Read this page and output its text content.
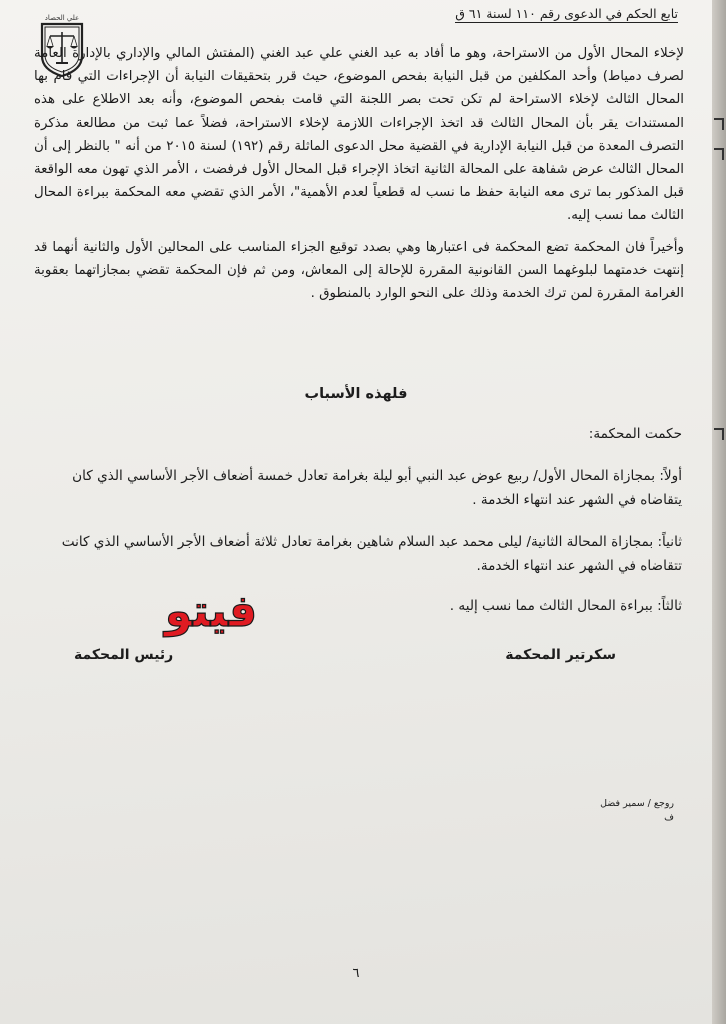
تابع الحكم في الدعوى رقم ١١٠ لسنة ٦١ ق
علي الحصاد

لإخلاء المحال الأول من الاستراحة، وهو ما أفاد به عبد الغني علي عبد الغني (المفتش المالي والإداري بالإدارة العامة لصرف دمياط) وأحد المكلفين من قبل النيابة بفحص الموضوع، حيث قرر بتحقيقات النيابة أن الإجراءات التي قام بها المحال الثالث لإخلاء الاستراحة لم تكن تحت بصر اللجنة التي قامت بفحص الموضوع، وأنه بعد الاطلاع على هذه المستندات يقر بأن المحال الثالث قد اتخذ الإجراءات اللازمة لإخلاء الاستراحة، فضلاً عما ثبت من مطالعة مذكرة التصرف المعدة من قبل النيابة الإدارية في القضية محل الدعوى الماثلة رقم (١٩٢) لسنة ٢٠١٥ من أنه " بالنظر إلى أن المحال الثالث عرض شفاهة على المحالة الثانية اتخاذ الإجراء قبل المحال الأول فرفضت ، الأمر الذي تهون معه الواقعة قبل المذكور بما ترى معه النيابة حفظ ما نسب له قطعياً لعدم الأهمية"، الأمر الذي تقضي معه المحكمة ببراءة المحال الثالث مما نسب إليه.

وأخيراً فان المحكمة تضع المحكمة فى اعتبارها وهي بصدد توقيع الجزاء المناسب على المحالين الأول والثانية أنهما قد إنتهت خدمتهما لبلوغهما السن القانونية المقررة للإحالة إلى المعاش، ومن ثم فإن المحكمة تقضي بمجازاتهما بعقوبة الغرامة المقررة لمن ترك الخدمة وذلك على النحو الوارد بالمنطوق .

فلهذه الأسباب

حكمت المحكمة:

أولاً: بمجازاة المحال الأول/ ربيع عوض عبد النبي أبو ليلة بغرامة تعادل خمسة أضعاف الأجر الأساسي الذي كان يتقاضاه في الشهر عند انتهاء الخدمة .

ثانياً: بمجازاة المحالة الثانية/ ليلى محمد عبد السلام شاهين بغرامة تعادل ثلاثة أضعاف الأجر الأساسي الذي كانت تتقاضاه في الشهر عند انتهاء الخدمة.

ثالثاً: ببراءة المحال الثالث مما نسب إليه .

فيتو
سكرتير المحكمة
رئيس المحكمة
روجع / سمير فضل
ف
٦
